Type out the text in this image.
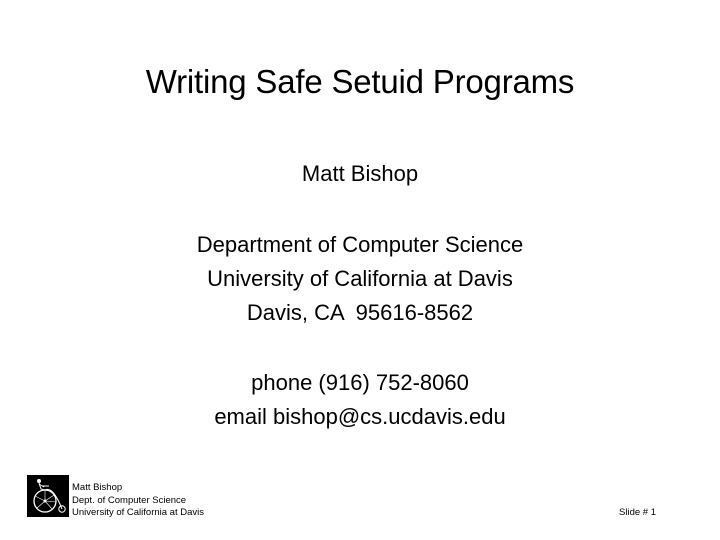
Writing Safe Setuid Programs
Matt Bishop
Department of Computer Science
University of California at Davis
Davis, CA  95616-8562
phone (916) 752-8060
email bishop@cs.ucdavis.edu
Matt Bishop
Dept. of Computer Science
University of California at Davis	Slide # 1
